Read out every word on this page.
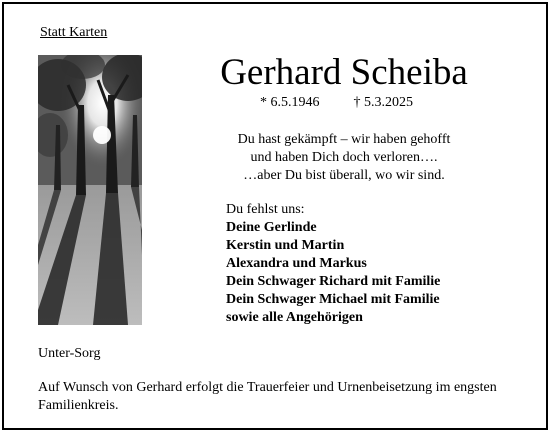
Statt Karten
Gerhard Scheiba
* 6.5.1946 † 5.3.2025
Du hast gekämpft – wir haben gehofft
und haben Dich doch verloren….
…aber Du bist überall, wo wir sind.
Du fehlst uns:
Deine Gerlinde
Kerstin und Martin
Alexandra und Markus
Dein Schwager Richard mit Familie
Dein Schwager Michael mit Familie
sowie alle Angehörigen
Unter-Sorg
Auf Wunsch von Gerhard erfolgt die Trauerfeier und Urnenbeisetzung im engsten Familienkreis.
